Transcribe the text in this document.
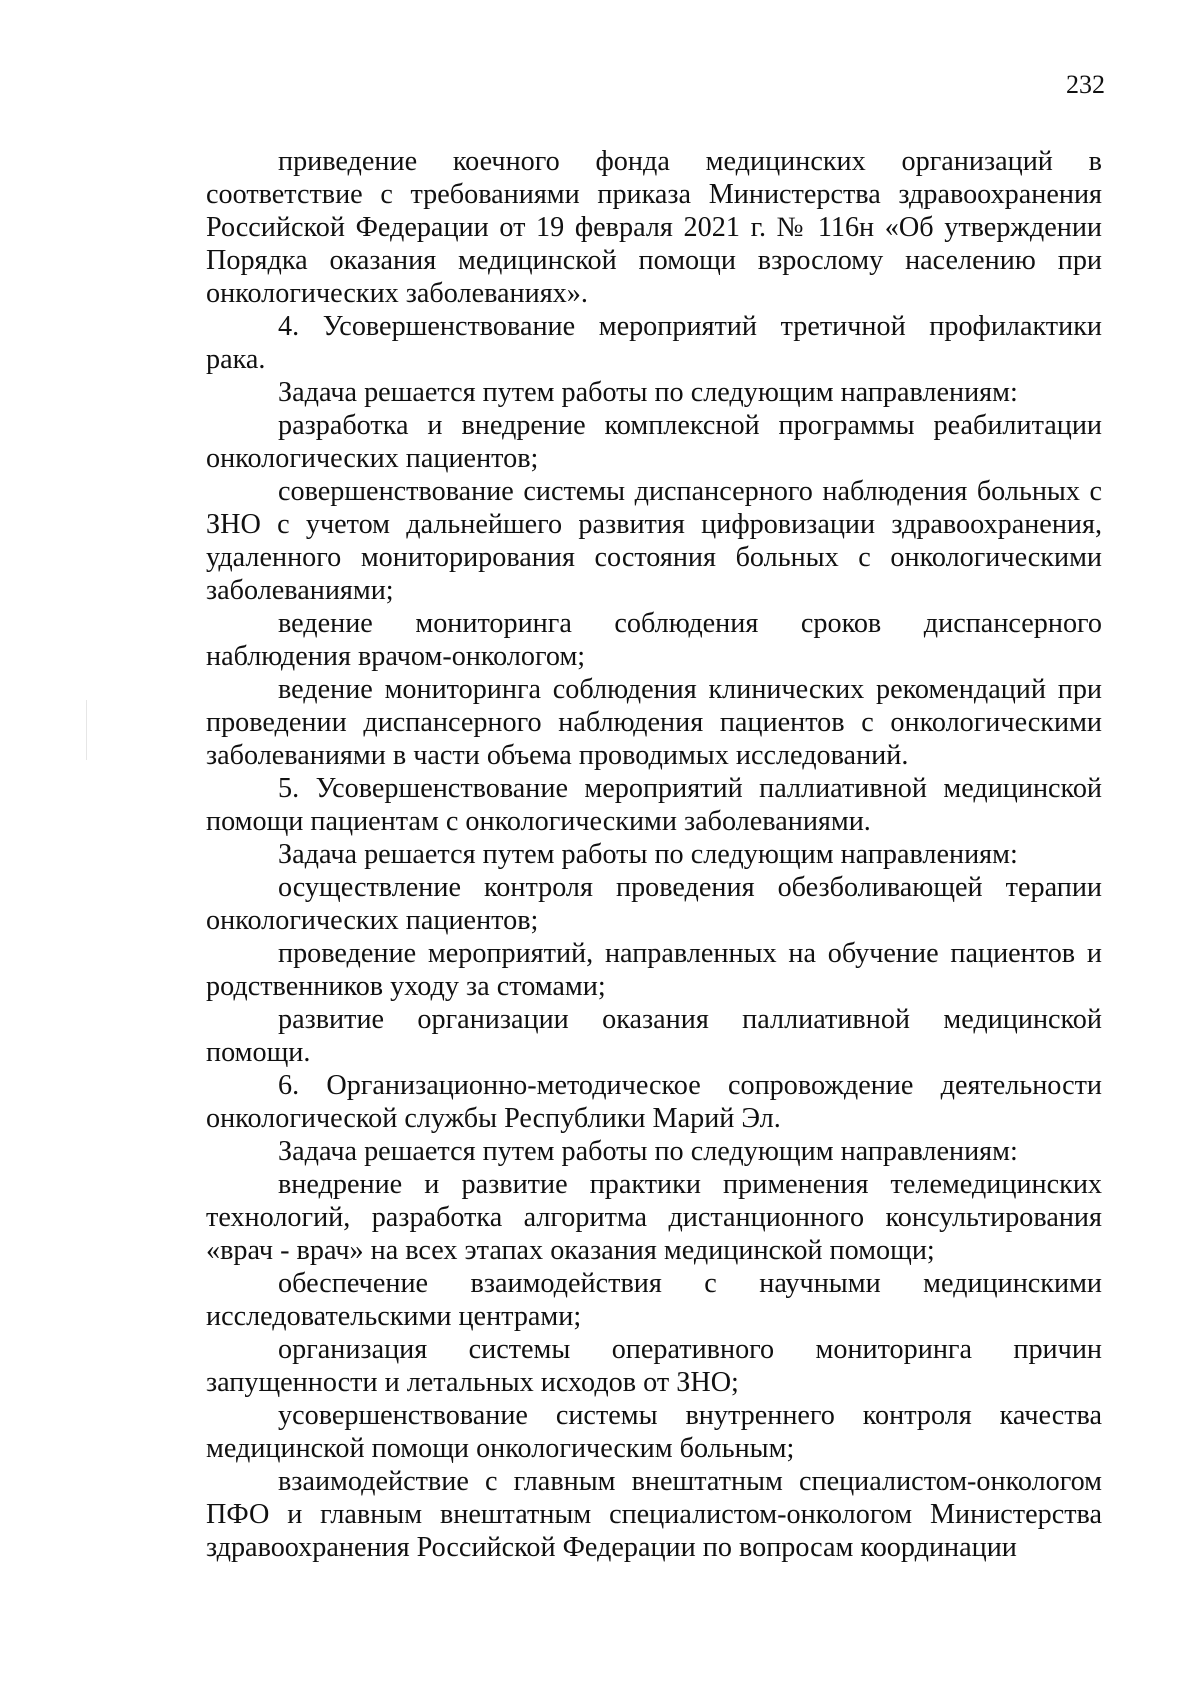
232

приведение коечного фонда медицинских организаций в соответствие с требованиями приказа Министерства здравоохранения Российской Федерации от 19 февраля 2021 г. № 116н «Об утверждении Порядка оказания медицинской помощи взрослому населению при онкологических заболеваниях».

4. Усовершенствование мероприятий третичной профилактики рака.

Задача решается путем работы по следующим направлениям:

разработка и внедрение комплексной программы реабилитации онкологических пациентов;

совершенствование системы диспансерного наблюдения больных с ЗНО с учетом дальнейшего развития цифровизации здравоохранения, удаленного мониторирования состояния больных с онкологическими заболеваниями;

ведение мониторинга соблюдения сроков диспансерного наблюдения врачом-онкологом;

ведение мониторинга соблюдения клинических рекомендаций при проведении диспансерного наблюдения пациентов с онкологическими заболеваниями в части объема проводимых исследований.

5. Усовершенствование мероприятий паллиативной медицинской помощи пациентам с онкологическими заболеваниями.

Задача решается путем работы по следующим направлениям:

осуществление контроля проведения обезболивающей терапии онкологических пациентов;

проведение мероприятий, направленных на обучение пациентов и родственников уходу за стомами;

развитие организации оказания паллиативной медицинской помощи.

6. Организационно-методическое сопровождение деятельности онкологической службы Республики Марий Эл.

Задача решается путем работы по следующим направлениям:

внедрение и развитие практики применения телемедицинских технологий, разработка алгоритма дистанционного консультирования «врач - врач» на всех этапах оказания медицинской помощи;

обеспечение взаимодействия с научными медицинскими исследовательскими центрами;

организация системы оперативного мониторинга причин запущенности и летальных исходов от ЗНО;

усовершенствование системы внутреннего контроля качества медицинской помощи онкологическим больным;

взаимодействие с главным внештатным специалистом-онкологом ПФО и главным внештатным специалистом-онкологом Министерства здравоохранения Российской Федерации по вопросам координации
